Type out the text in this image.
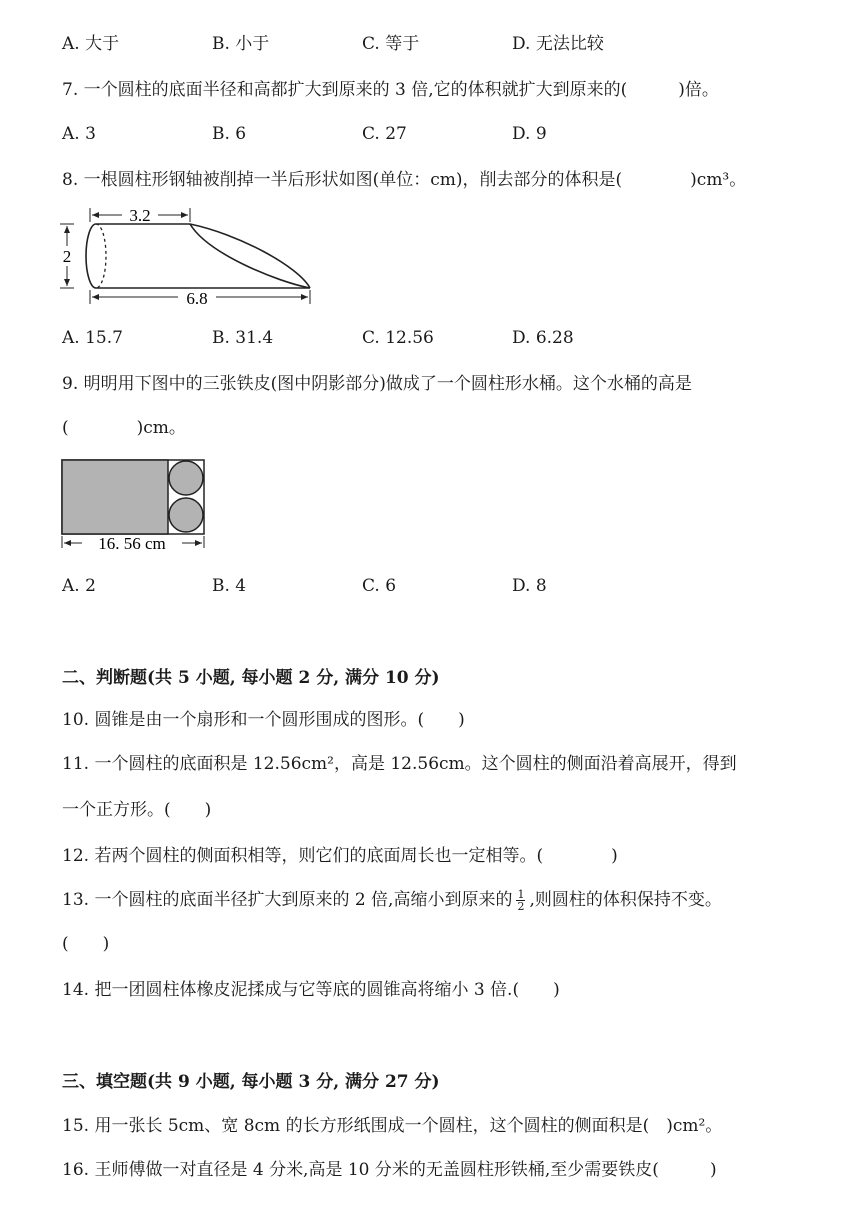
A. 大于	B. 小于	C. 等于	D. 无法比较
7. 一个圆柱的底面半径和高都扩大到原来的 3 倍,它的体积就扩大到原来的(　　　)倍。
A. 3	B. 6	C. 27	D. 9
8. 一根圆柱形钢轴被削掉一半后形状如图(单位：cm)，削去部分的体积是(　　　　)cm³。
3.2
2
6.8
A. 15.7	B. 31.4	C. 12.56	D. 6.28
9. 明明用下图中的三张铁皮(图中阴影部分)做成了一个圆柱形水桶。这个水桶的高是
(　　　　)cm。
16. 56 cm
A. 2	B. 4	C. 6	D. 8
二、判断题(共 5 小题, 每小题 2 分, 满分 10 分)
10. 圆锥是由一个扇形和一个圆形围成的图形。(　　)
11. 一个圆柱的底面积是 12.56cm²，高是 12.56cm。这个圆柱的侧面沿着高展开，得到
一个正方形。(　　)
12. 若两个圆柱的侧面积相等，则它们的底面周长也一定相等。(　　　　)
13. 一个圆柱的底面半径扩大到原来的 2 倍,高缩小到原来的 $\frac{1}{2}$ ,则圆柱的体积保持不变。
(　　)
14. 把一团圆柱体橡皮泥揉成与它等底的圆锥高将缩小 3 倍.(　　)
三、填空题(共 9 小题, 每小题 3 分, 满分 27 分)
15. 用一张长 5cm、宽 8cm 的长方形纸围成一个圆柱，这个圆柱的侧面积是(　)cm²。
16. 王师傅做一对直径是 4 分米,高是 10 分米的无盖圆柱形铁桶,至少需要铁皮(　　　)
